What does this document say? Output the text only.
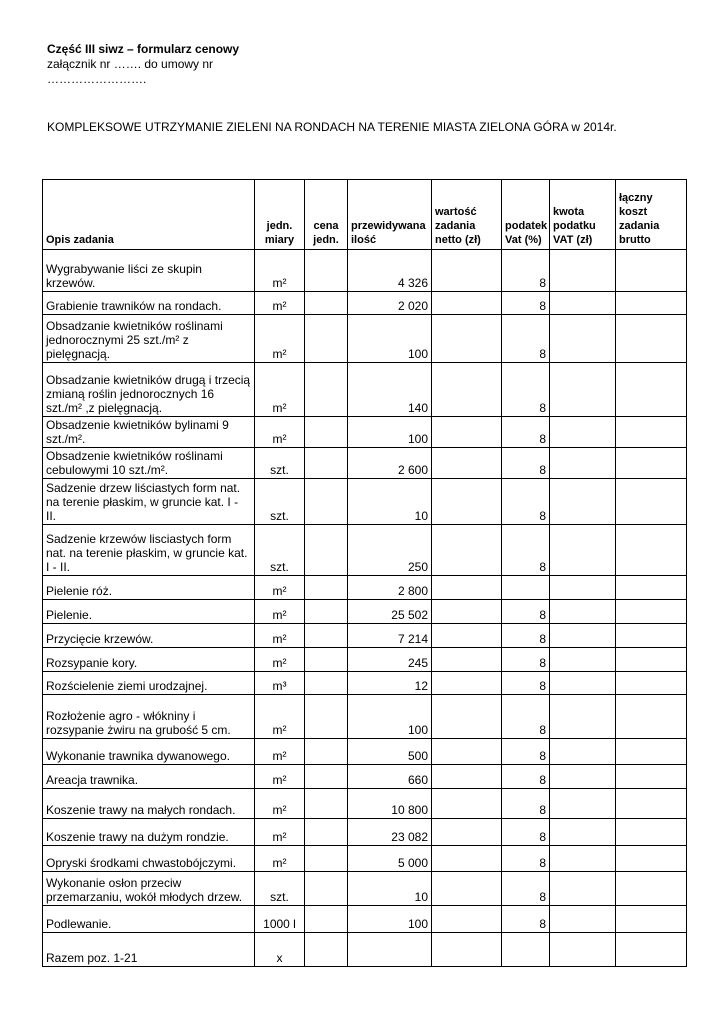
Część III siwz – formularz cenowy
załącznik nr ……. do umowy nr
…………………….
KOMPLEKSOWE UTRZYMANIE ZIELENI NA RONDACH NA TERENIE MIASTA ZIELONA GÓRA w 2014r.
Opis zadania	jedn. miary	cena jedn.	przewidywana ilość	wartość zadania netto (zł)	podatek Vat (%)	kwota podatku VAT (zł)	łączny koszt zadania brutto
Wygrabywanie liści ze skupin krzewów.	m²		4 326		8		
Grabienie trawników na rondach.	m²		2 020		8		
Obsadzanie kwietników roślinami jednorocznymi 25 szt./m² z pielęgnacją.	m²		100		8		
Obsadzanie kwietników drugą i trzecią zmianą roślin jednorocznych 16 szt./m² ,z pielęgnacją.	m²		140		8		
Obsadzenie kwietników bylinami 9 szt./m².	m²		100		8		
Obsadzenie kwietników roślinami cebulowymi 10 szt./m².	szt.		2 600		8		
Sadzenie drzew liściastych form nat. na terenie płaskim, w gruncie kat. I - II.	szt.		10		8		
Sadzenie krzewów lisciastych form nat. na terenie płaskim, w gruncie kat. I - II.	szt.		250		8		
Pielenie róż.	m²		2 800				
Pielenie.	m²		25 502		8		
Przycięcie krzewów.	m²		7 214		8		
Rozsypanie kory.	m²		245		8		
Rozścielenie ziemi urodzajnej.	m³		12		8		
Rozłożenie agro - włókniny i rozsypanie żwiru na grubość 5 cm.	m²		100		8		
Wykonanie trawnika dywanowego.	m²		500		8		
Areacja trawnika.	m²		660		8		
Koszenie trawy na małych rondach.	m²		10 800		8		
Koszenie trawy na dużym rondzie.	m²		23 082		8		
Opryski środkami chwastobójczymi.	m²		5 000		8		
Wykonanie osłon przeciw przemarzaniu, wokół młodych drzew.	szt.		10		8		
Podlewanie.	1000 l		100		8		
Razem poz. 1-21	x						
